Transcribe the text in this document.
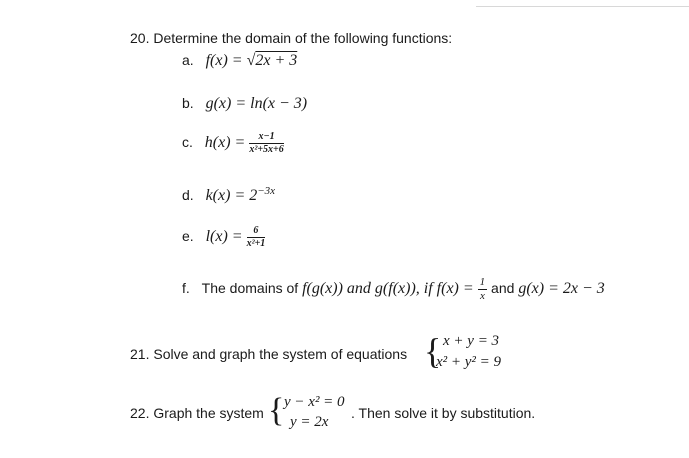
20. Determine the domain of the following functions:
a. f(x) = √2x + 3
b. g(x) = ln(x − 3)
c. $h(x) = \frac{x-1}{\text{x²+5x+6}}$
d. $k(x) = 2^{-3x}$
e. $l(x) = \frac{6}{\text{x²+1}}$
f. The domains of f(g(x)) and g(f(x)), if $f(x) = \frac{1}{x}$ and g(x) = 2x − 3
21. Solve and graph the system of equations { x + y = 3
x² + y² = 9
22. Graph the system { y − x² = 0
y = 2x
. Then solve it by substitution.
